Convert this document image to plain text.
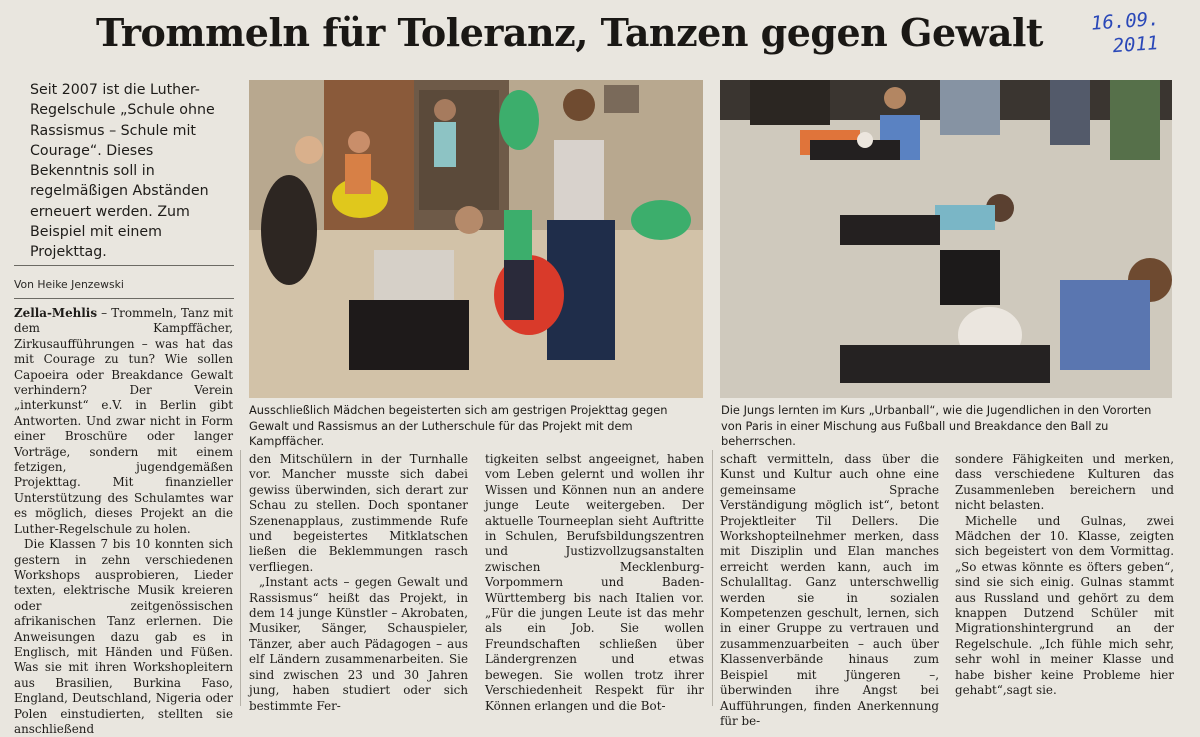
Trommeln für Toleranz, Tanzen gegen Gewalt	16.09.
2011
Seit 2007 ist die Luther-Regelschule „Schule ohne Rassismus – Schule mit Courage“. Dieses Bekenntnis soll in regelmäßigen Abständen erneuert werden. Zum Beispiel mit einem Projekttag.
Von Heike Jenzewski
Ausschließlich Mädchen begeisterten sich am gestrigen Projekttag gegen Gewalt und Rassismus an der Lutherschule für das Projekt mit dem Kampffächer.
Die Jungs lernten im Kurs „Urbanball“, wie die Jugendlichen in den Vororten von Paris in einer Mischung aus Fußball und Breakdance den Ball zu beherrschen.

Zella-Mehlis – Trommeln, Tanz mit dem Kampffächer, Zirkusaufführungen – was hat das mit Courage zu tun? Wie sollen Capoeira oder Breakdance Gewalt verhindern? Der Verein „interkunst“ e.V. in Berlin gibt Antworten. Und zwar nicht in Form einer Broschüre oder langer Vorträge, sondern mit einem fetzigen, jugendgemäßen Projekttag. Mit finanzieller Unterstützung des Schulamtes war es möglich, dieses Projekt an die Luther-Regelschule zu holen.

Die Klassen 7 bis 10 konnten sich gestern in zehn verschiedenen Workshops ausprobieren, Lieder texten, elektrische Musik kreieren oder zeitgenössischen afrikanischen Tanz erlernen. Die Anweisungen dazu gab es in Englisch, mit Händen und Füßen. Was sie mit ihren Workshopleitern aus Brasilien, Burkina Faso, England, Deutschland, Nigeria oder Polen einstudierten, stellten sie anschließend

den Mitschülern in der Turnhalle vor. Mancher musste sich dabei gewiss überwinden, sich derart zur Schau zu stellen. Doch spontaner Szenenapplaus, zustimmende Rufe und begeistertes Mitklatschen ließen die Beklemmungen rasch verfliegen.

„Instant acts – gegen Gewalt und Rassismus“ heißt das Projekt, in dem 14 junge Künstler – Akrobaten, Musiker, Sänger, Schauspieler, Tänzer, aber auch Pädagogen – aus elf Ländern zusammenarbeiten. Sie sind zwischen 23 und 30 Jahren jung, haben studiert oder sich bestimmte Fer-

tigkeiten selbst angeeignet, haben vom Leben gelernt und wollen ihr Wissen und Können nun an andere junge Leute weitergeben. Der aktuelle Tourneeplan sieht Auftritte in Schulen, Berufsbildungszentren und Justizvollzugsanstalten zwischen Mecklenburg-Vorpommern und Baden-Württemberg bis nach Italien vor. „Für die jungen Leute ist das mehr als ein Job. Sie wollen Freundschaften schließen über Ländergrenzen und etwas bewegen. Sie wollen trotz ihrer Verschiedenheit Respekt für ihr Können erlangen und die Bot-

schaft vermitteln, dass über die Kunst und Kultur auch ohne eine gemeinsame Sprache Verständigung möglich ist“, betont Projektleiter Til Dellers. Die Workshopteilnehmer merken, dass mit Disziplin und Elan manches erreicht werden kann, auch im Schulalltag. Ganz unterschwellig werden sie in sozialen Kompetenzen geschult, lernen, sich in einer Gruppe zu vertrauen und zusammenzuarbeiten – auch über Klassenverbände hinaus zum Beispiel mit Jüngeren –, überwinden ihre Angst bei Aufführungen, finden Anerkennung für be-

sondere Fähigkeiten und merken, dass verschiedene Kulturen das Zusammenleben bereichern und nicht belasten.

Michelle und Gulnas, zwei Mädchen der 10. Klasse, zeigten sich begeistert von dem Vormittag. „So etwas könnte es öfters geben“, sind sie sich einig. Gulnas stammt aus Russland und gehört zu dem knappen Dutzend Schüler mit Migrationshintergrund an der Regelschule. „Ich fühle mich sehr, sehr wohl in meiner Klasse und habe bisher keine Probleme hier gehabt“,sagt sie.
